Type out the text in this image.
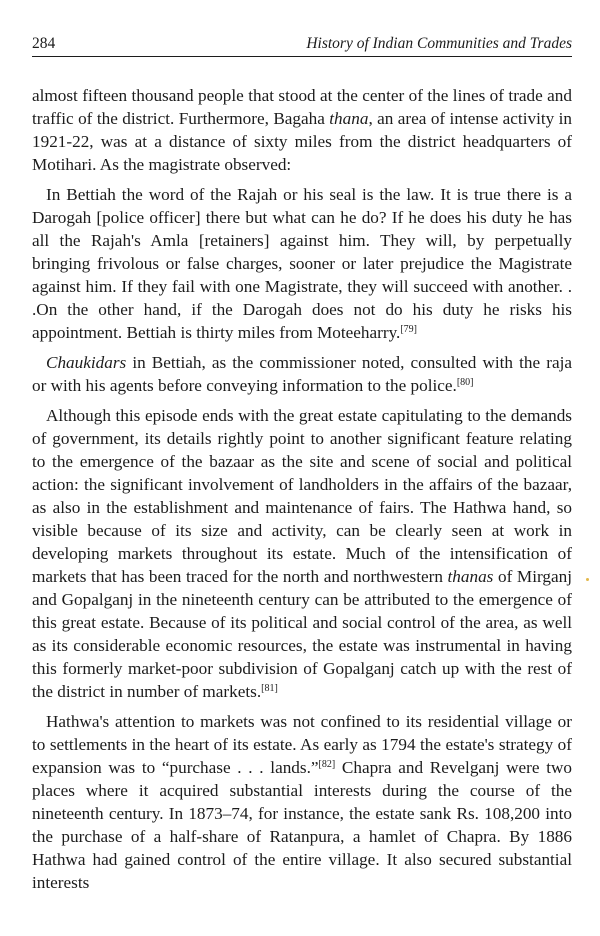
284	History of Indian Communities and Trades

almost fifteen thousand people that stood at the center of the lines of trade and traffic of the district. Furthermore, Bagaha thana, an area of intense activity in 1921-22, was at a distance of sixty miles from the district headquarters of Motihari. As the magistrate observed:

In Bettiah the word of the Rajah or his seal is the law. It is true there is a Darogah [police officer] there but what can he do? If he does his duty he has all the Rajah's Amla [retainers] against him. They will, by perpetually bringing frivolous or false charges, sooner or later prejudice the Magistrate against him. If they fail with one Magistrate, they will succeed with another. . .On the other hand, if the Darogah does not do his duty he risks his appointment. Bettiah is thirty miles from Moteeharry.[79]

Chaukidars in Bettiah, as the commissioner noted, consulted with the raja or with his agents before conveying information to the police.[80]

Although this episode ends with the great estate capitulating to the demands of government, its details rightly point to another significant feature relating to the emergence of the bazaar as the site and scene of social and political action: the significant involvement of landholders in the affairs of the bazaar, as also in the establishment and maintenance of fairs. The Hathwa hand, so visible because of its size and activity, can be clearly seen at work in developing markets throughout its estate. Much of the intensification of markets that has been traced for the north and northwestern thanas of Mirganj and Gopalganj in the nineteenth century can be attributed to the emergence of this great estate. Because of its political and social control of the area, as well as its considerable economic resources, the estate was instrumental in having this formerly market-poor subdivision of Gopalganj catch up with the rest of the district in number of markets.[81]

Hathwa's attention to markets was not confined to its residential village or to settlements in the heart of its estate. As early as 1794 the estate's strategy of expansion was to “purchase . . . lands.”[82] Chapra and Revelganj were two places where it acquired substantial interests during the course of the nineteenth century. In 1873–74, for instance, the estate sank Rs. 108,200 into the purchase of a half-share of Ratanpura, a hamlet of Chapra. By 1886 Hathwa had gained control of the entire village. It also secured substantial interests
